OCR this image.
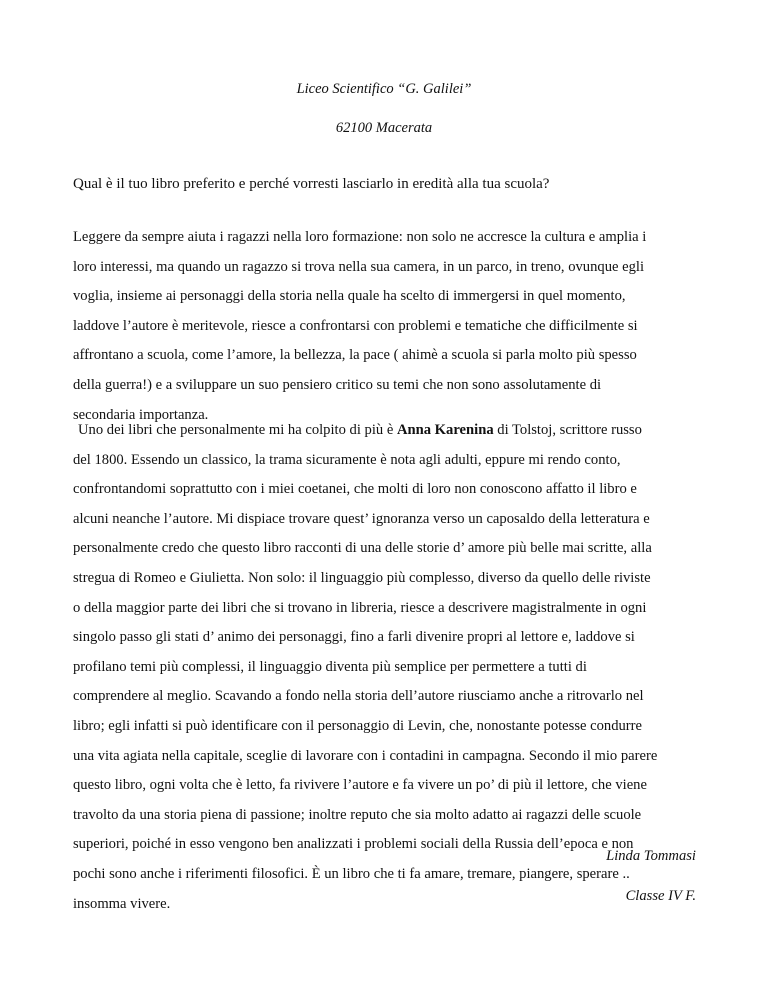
Liceo Scientifico “G. Galilei”
62100 Macerata
Qual è il tuo libro preferito e perché vorresti lasciarlo in eredità alla tua scuola?
Leggere da sempre aiuta i ragazzi nella loro formazione: non solo ne accresce la cultura e amplia i
loro interessi, ma quando un ragazzo si trova nella sua camera, in un parco, in treno, ovunque egli
voglia, insieme ai personaggi della storia nella quale ha scelto di immergersi in quel momento,
laddove l’autore è meritevole, riesce a confrontarsi con problemi e tematiche che difficilmente si
affrontano a scuola, come l’amore, la bellezza, la pace ( ahimè a scuola si parla molto più spesso
della guerra!) e a sviluppare un suo pensiero critico su temi che non sono assolutamente di
secondaria importanza.
Uno dei libri che personalmente mi ha colpito di più è Anna Karenina di Tolstoj, scrittore russo
del 1800. Essendo un classico, la trama sicuramente è nota agli adulti, eppure mi rendo conto,
confrontandomi soprattutto con i miei coetanei, che molti di loro non conoscono affatto il libro e
alcuni neanche l’autore. Mi dispiace trovare quest’ ignoranza verso un caposaldo della letteratura e
personalmente credo che questo libro racconti di una delle storie d’ amore più belle mai scritte, alla
stregua di Romeo e Giulietta. Non solo: il linguaggio più complesso, diverso da quello delle riviste
o della maggior parte dei libri che si trovano in libreria, riesce a descrivere magistralmente in ogni
singolo passo gli stati d’ animo dei personaggi, fino a farli divenire propri al lettore e, laddove si
profilano temi più complessi, il linguaggio diventa più semplice per permettere a tutti di
comprendere al meglio. Scavando a fondo nella storia dell’autore riusciamo anche a ritrovarlo nel
libro; egli infatti si può identificare con il personaggio di Levin, che, nonostante potesse condurre
una vita agiata nella capitale, sceglie di lavorare con i contadini in campagna. Secondo il mio parere
questo libro, ogni volta che è letto, fa rivivere l’autore e fa vivere un po’ di più il lettore, che viene
travolto da una storia piena di passione; inoltre reputo che sia molto adatto ai ragazzi delle scuole
superiori, poiché in esso vengono ben analizzati i problemi sociali della Russia dell’epoca e non
pochi sono anche i riferimenti filosofici. È un libro che ti fa amare, tremare, piangere, sperare ..
insomma vivere.
Linda Tommasi
Classe IV F.
